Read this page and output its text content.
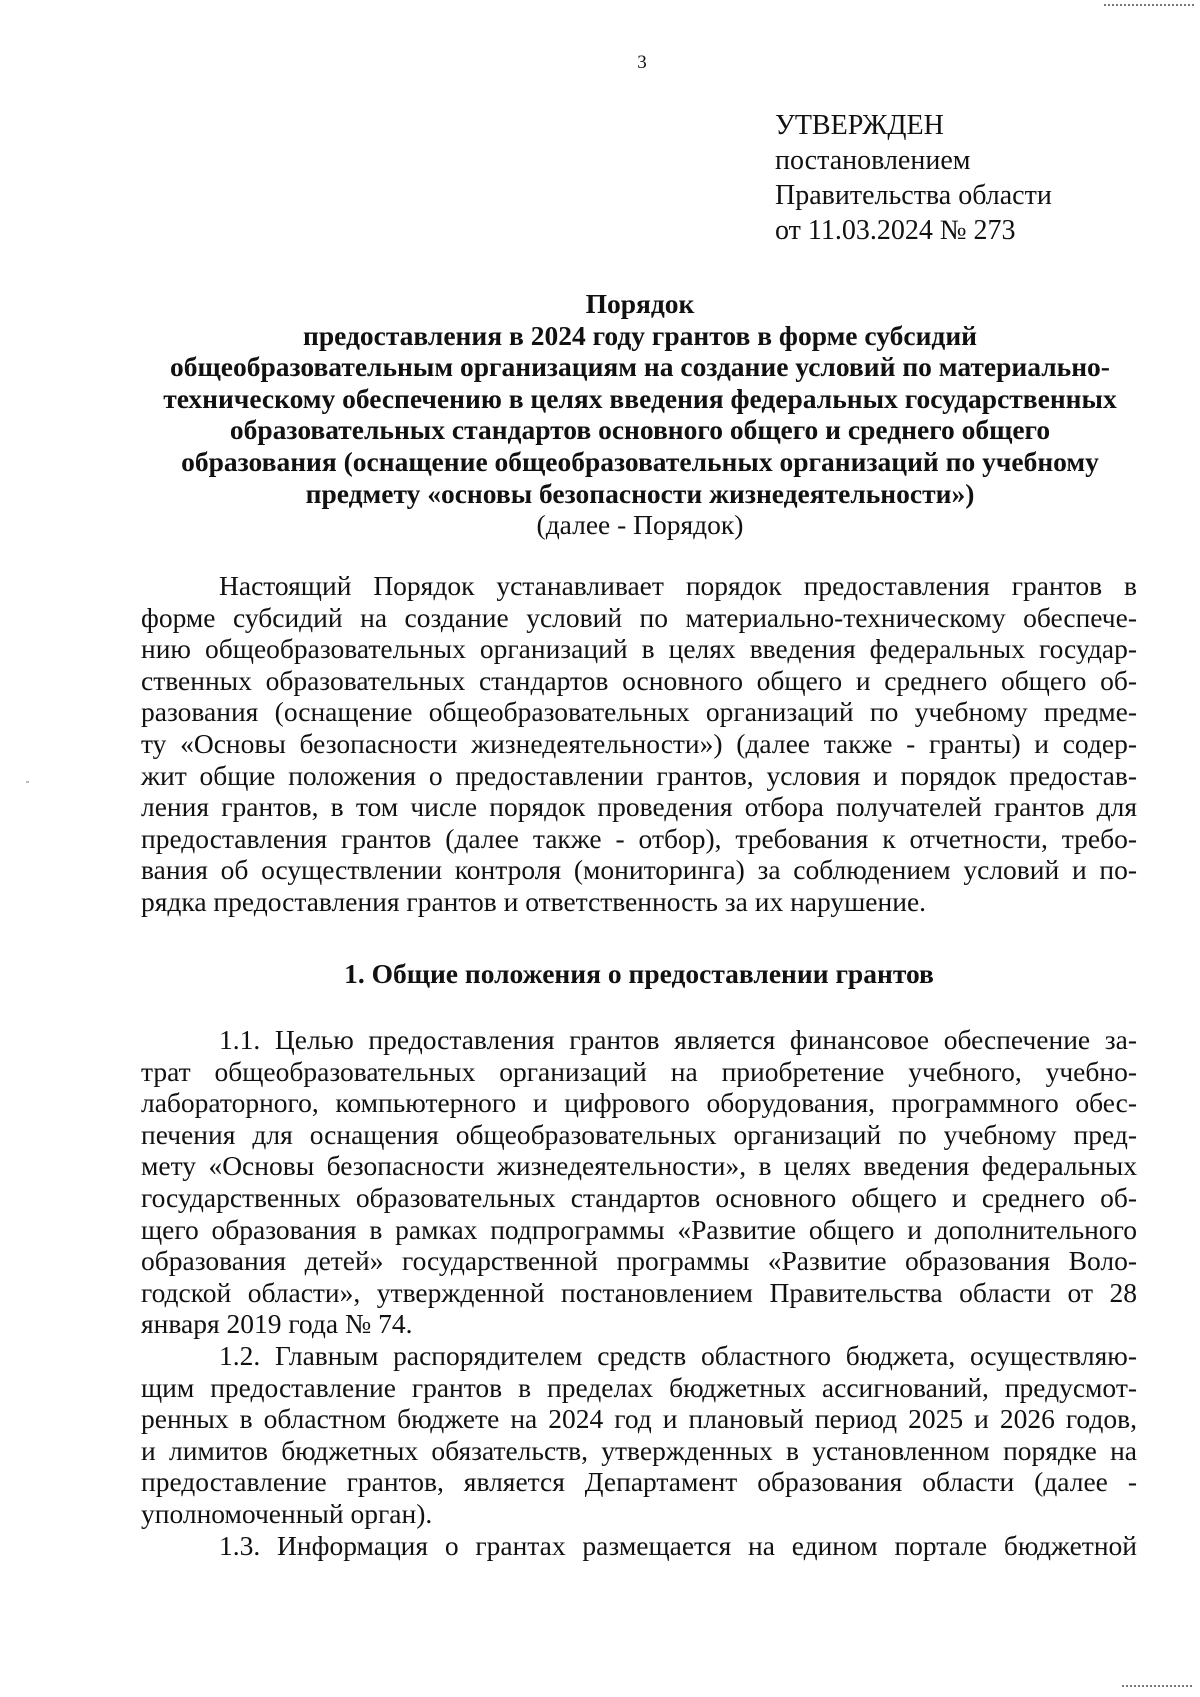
3
УТВЕРЖДЕН
постановлением
Правительства области
от 11.03.2024 № 273
Порядок
предоставления в 2024 году грантов в форме субсидий
общеобразовательным организациям на создание условий по материально-
техническому обеспечению в целях введения федеральных государственных
образовательных стандартов основного общего и среднего общего
образования (оснащение общеобразовательных организаций по учебному
предмету «основы безопасности жизнедеятельности»)
(далее - Порядок)
Настоящий Порядок устанавливает порядок предоставления грантов в
форме субсидий на создание условий по материально-техническому обеспече-
нию общеобразовательных организаций в целях введения федеральных государ-
ственных образовательных стандартов основного общего и среднего общего об-
разования (оснащение общеобразовательных организаций по учебному предме-
ту «Основы безопасности жизнедеятельности») (далее также - гранты) и содер-
жит общие положения о предоставлении грантов, условия и порядок предостав-
ления грантов, в том числе порядок проведения отбора получателей грантов для
предоставления грантов (далее также - отбор), требования к отчетности, требо-
вания об осуществлении контроля (мониторинга) за соблюдением условий и по-
рядка предоставления грантов и ответственность за их нарушение.
1. Общие положения о предоставлении грантов
1.1. Целью предоставления грантов является финансовое обеспечение за-
трат общеобразовательных организаций на приобретение учебного, учебно-
лабораторного, компьютерного и цифрового оборудования, программного обес-
печения для оснащения общеобразовательных организаций по учебному пред-
мету «Основы безопасности жизнедеятельности», в целях введения федеральных
государственных образовательных стандартов основного общего и среднего об-
щего образования в рамках подпрограммы «Развитие общего и дополнительного
образования детей» государственной программы «Развитие образования Воло-
годской области», утвержденной постановлением Правительства области от 28
января 2019 года № 74.
1.2. Главным распорядителем средств областного бюджета, осуществляю-
щим предоставление грантов в пределах бюджетных ассигнований, предусмот-
ренных в областном бюджете на 2024 год и плановый период 2025 и 2026 годов,
и лимитов бюджетных обязательств, утвержденных в установленном порядке на
предоставление грантов, является Департамент образования области (далее -
уполномоченный орган).
1.3. Информация о грантах размещается на едином портале бюджетной
